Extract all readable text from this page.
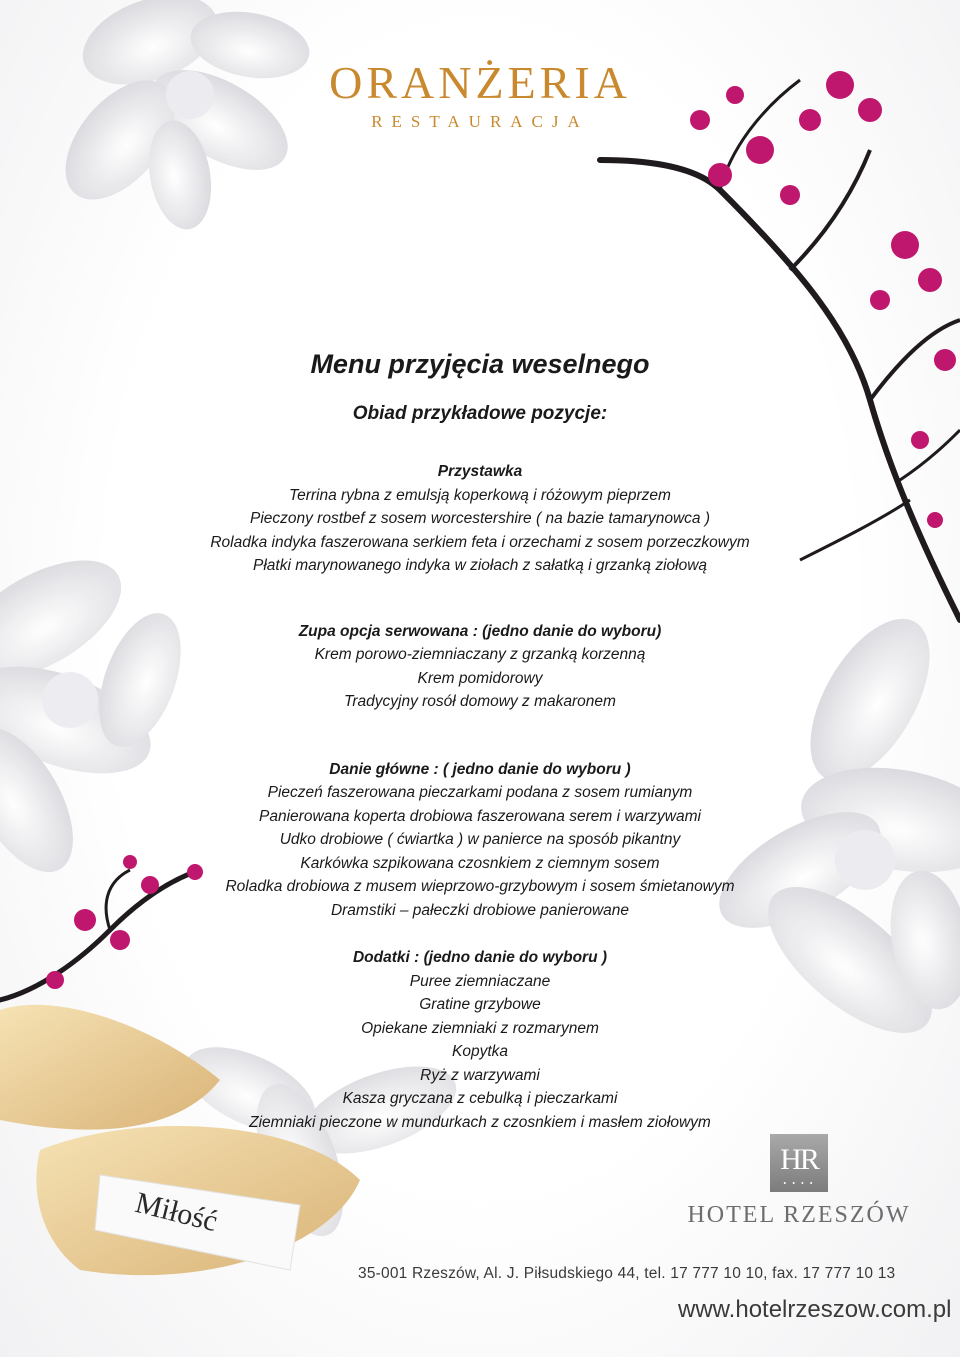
ORANŻERIA
RESTAURACJA
Menu przyjęcia weselnego
Obiad przykładowe pozycje:
Przystawka
Terrina rybna z emulsją koperkową i różowym pieprzem
Pieczony rostbef z sosem worcestershire ( na bazie tamarynowca )
Roladka indyka faszerowana serkiem feta i orzechami z sosem porzeczkowym
Płatki marynowanego indyka w ziołach z sałatką i grzanką ziołową
Zupa opcja serwowana : (jedno danie do wyboru)
Krem porowo-ziemniaczany z grzanką korzenną
Krem pomidorowy
Tradycyjny rosół domowy z makaronem
Danie główne : ( jedno danie do wyboru )
Pieczeń faszerowana pieczarkami podana z sosem rumianym
Panierowana koperta drobiowa faszerowana serem i warzywami
Udko drobiowe ( ćwiartka ) w panierce na sposób pikantny
Karkówka szpikowana czosnkiem z ciemnym sosem
Roladka drobiowa z musem wieprzowo-grzybowym i sosem śmietanowym
Dramstiki – pałeczki drobiowe panierowane
Dodatki : (jedno danie do wyboru )
Puree ziemniaczane
Gratine grzybowe
Opiekane ziemniaki z rozmarynem
Kopytka
Ryż z warzywami
Kasza gryczana z cebulką i pieczarkami
Ziemniaki pieczone w mundurkach z czosnkiem i masłem ziołowym
Miłość
HR
• • • •
HOTEL RZESZÓW
35-001 Rzeszów, Al. J. Piłsudskiego 44, tel. 17 777 10 10, fax. 17 777 10 13
www.hotelrzeszow.com.pl
